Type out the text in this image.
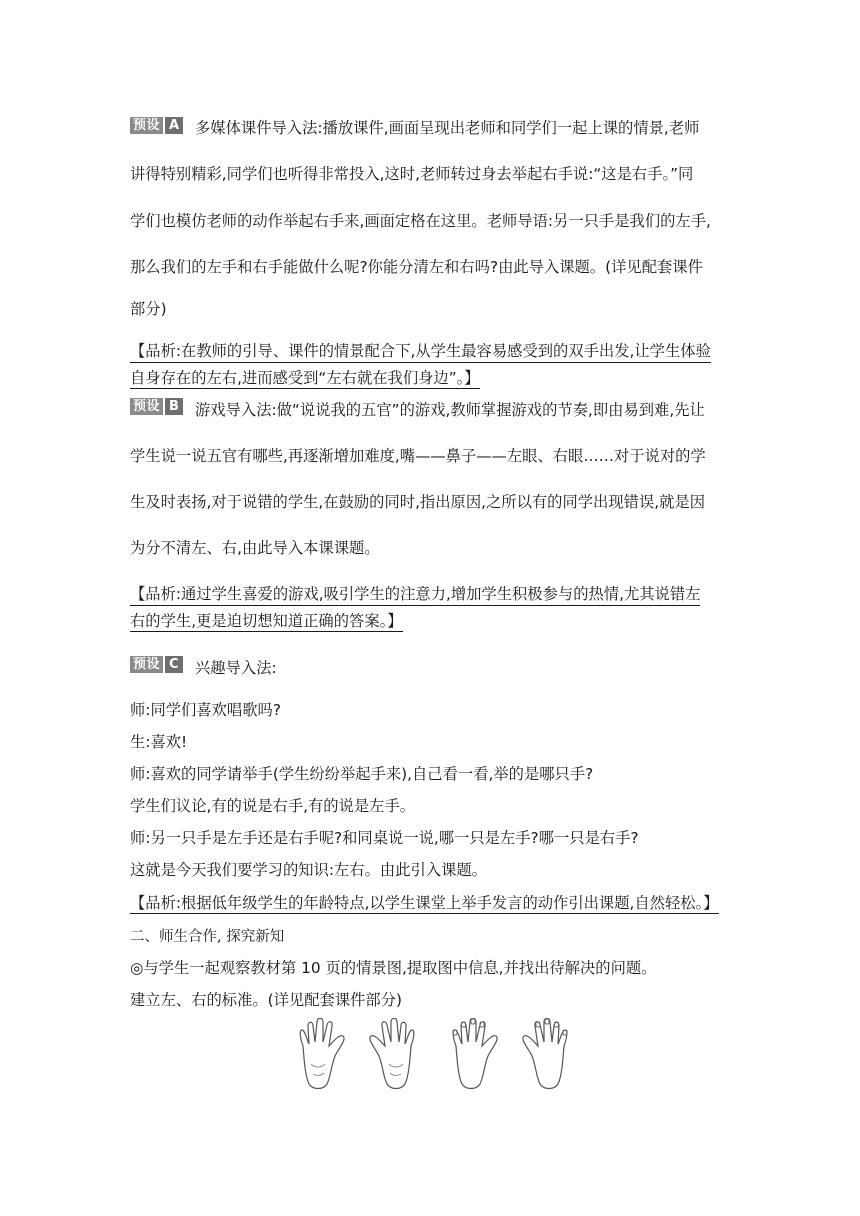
预设 A 多媒体课件导入法:播放课件,画面呈现出老师和同学们一起上课的情景,老师
讲得特别精彩,同学们也听得非常投入,这时,老师转过身去举起右手说:“这是右手。”同
学们也模仿老师的动作举起右手来,画面定格在这里。老师导语:另一只手是我们的左手,
那么我们的左手和右手能做什么呢?你能分清左和右吗?由此导入课题。(详见配套课件
部分)
【品析:在教师的引导、课件的情景配合下,从学生最容易感受到的双手出发,让学生体验
自身存在的左右,进而感受到“左右就在我们身边”。】
预设 B 游戏导入法:做“说说我的五官”的游戏,教师掌握游戏的节奏,即由易到难,先让
学生说一说五官有哪些,再逐渐增加难度,嘴——鼻子——左眼、右眼……对于说对的学
生及时表扬,对于说错的学生,在鼓励的同时,指出原因,之所以有的同学出现错误,就是因
为分不清左、右,由此导入本课课题。
【品析:通过学生喜爱的游戏,吸引学生的注意力,增加学生积极参与的热情,尤其说错左
右的学生,更是迫切想知道正确的答案。】
预设 C 兴趣导入法:
师:同学们喜欢唱歌吗?
生:喜欢!
师:喜欢的同学请举手(学生纷纷举起手来),自己看一看,举的是哪只手?
学生们议论,有的说是右手,有的说是左手。
师:另一只手是左手还是右手呢?和同桌说一说,哪一只是左手?哪一只是右手?
这就是今天我们要学习的知识:左右。由此引入课题。
【品析:根据低年级学生的年龄特点,以学生课堂上举手发言的动作引出课题,自然轻松。】
二、师生合作, 探究新知
◎与学生一起观察教材第 10 页的情景图,提取图中信息,并找出待解决的问题。
建立左、右的标准。(详见配套课件部分)
